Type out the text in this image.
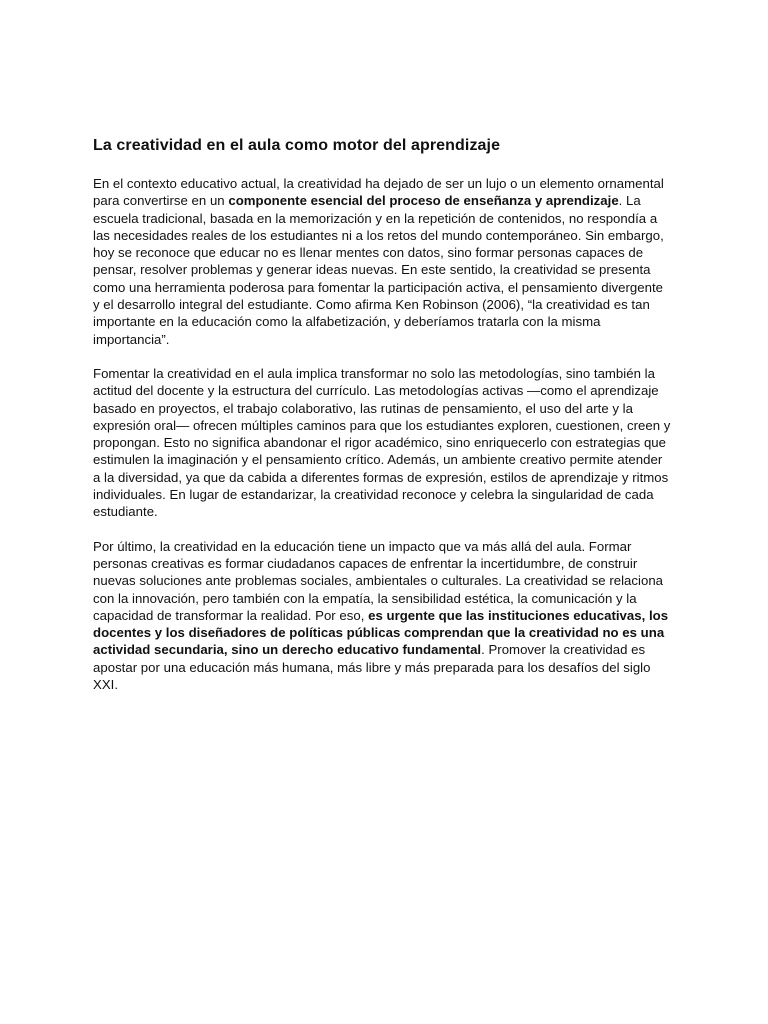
La creatividad en el aula como motor del aprendizaje

En el contexto educativo actual, la creatividad ha dejado de ser un lujo o un elemento ornamental para convertirse en un componente esencial del proceso de enseñanza y aprendizaje. La escuela tradicional, basada en la memorización y en la repetición de contenidos, no respondía a las necesidades reales de los estudiantes ni a los retos del mundo contemporáneo. Sin embargo, hoy se reconoce que educar no es llenar mentes con datos, sino formar personas capaces de pensar, resolver problemas y generar ideas nuevas. En este sentido, la creatividad se presenta como una herramienta poderosa para fomentar la participación activa, el pensamiento divergente y el desarrollo integral del estudiante. Como afirma Ken Robinson (2006), “la creatividad es tan importante en la educación como la alfabetización, y deberíamos tratarla con la misma importancia”.

Fomentar la creatividad en el aula implica transformar no solo las metodologías, sino también la actitud del docente y la estructura del currículo. Las metodologías activas —como el aprendizaje basado en proyectos, el trabajo colaborativo, las rutinas de pensamiento, el uso del arte y la expresión oral— ofrecen múltiples caminos para que los estudiantes exploren, cuestionen, creen y propongan. Esto no significa abandonar el rigor académico, sino enriquecerlo con estrategias que estimulen la imaginación y el pensamiento crítico. Además, un ambiente creativo permite atender a la diversidad, ya que da cabida a diferentes formas de expresión, estilos de aprendizaje y ritmos individuales. En lugar de estandarizar, la creatividad reconoce y celebra la singularidad de cada estudiante.

Por último, la creatividad en la educación tiene un impacto que va más allá del aula. Formar personas creativas es formar ciudadanos capaces de enfrentar la incertidumbre, de construir nuevas soluciones ante problemas sociales, ambientales o culturales. La creatividad se relaciona con la innovación, pero también con la empatía, la sensibilidad estética, la comunicación y la capacidad de transformar la realidad. Por eso, es urgente que las instituciones educativas, los docentes y los diseñadores de políticas públicas comprendan que la creatividad no es una actividad secundaria, sino un derecho educativo fundamental. Promover la creatividad es apostar por una educación más humana, más libre y más preparada para los desafíos del siglo XXI.
